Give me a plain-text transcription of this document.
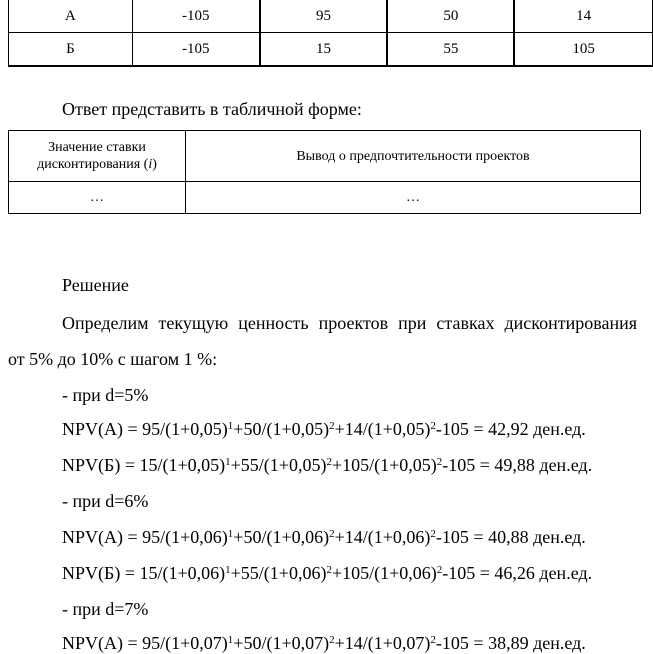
А	-105	95	50	14
Б	-105	15	55	105
Ответ представить в табличной форме:
Значение ставки
дисконтирования (i)	Вывод о предпочтительности проектов
…	…
Решение
Определим текущую ценность проектов при ставках дисконтирования
от 5% до 10% с шагом 1 %:
- при d=5%
$NPV(А) = 95/(1+0,05)^1+50/(1+0,05)^2+14/(1+0,05)^2-105 = 42,92$ ден.ед.
$NPV(Б) = 15/(1+0,05)^1+55/(1+0,05)^2+105/(1+0,05)^2-105 = 49,88$ ден.ед.
- при d=6%
$NPV(А) = 95/(1+0,06)^1+50/(1+0,06)^2+14/(1+0,06)^2-105 = 40,88$ ден.ед.
$NPV(Б) = 15/(1+0,06)^1+55/(1+0,06)^2+105/(1+0,06)^2-105 = 46,26$ ден.ед.
- при d=7%
$NPV(А) = 95/(1+0,07)^1+50/(1+0,07)^2+14/(1+0,07)^2-105 = 38,89$ ден.ед.
